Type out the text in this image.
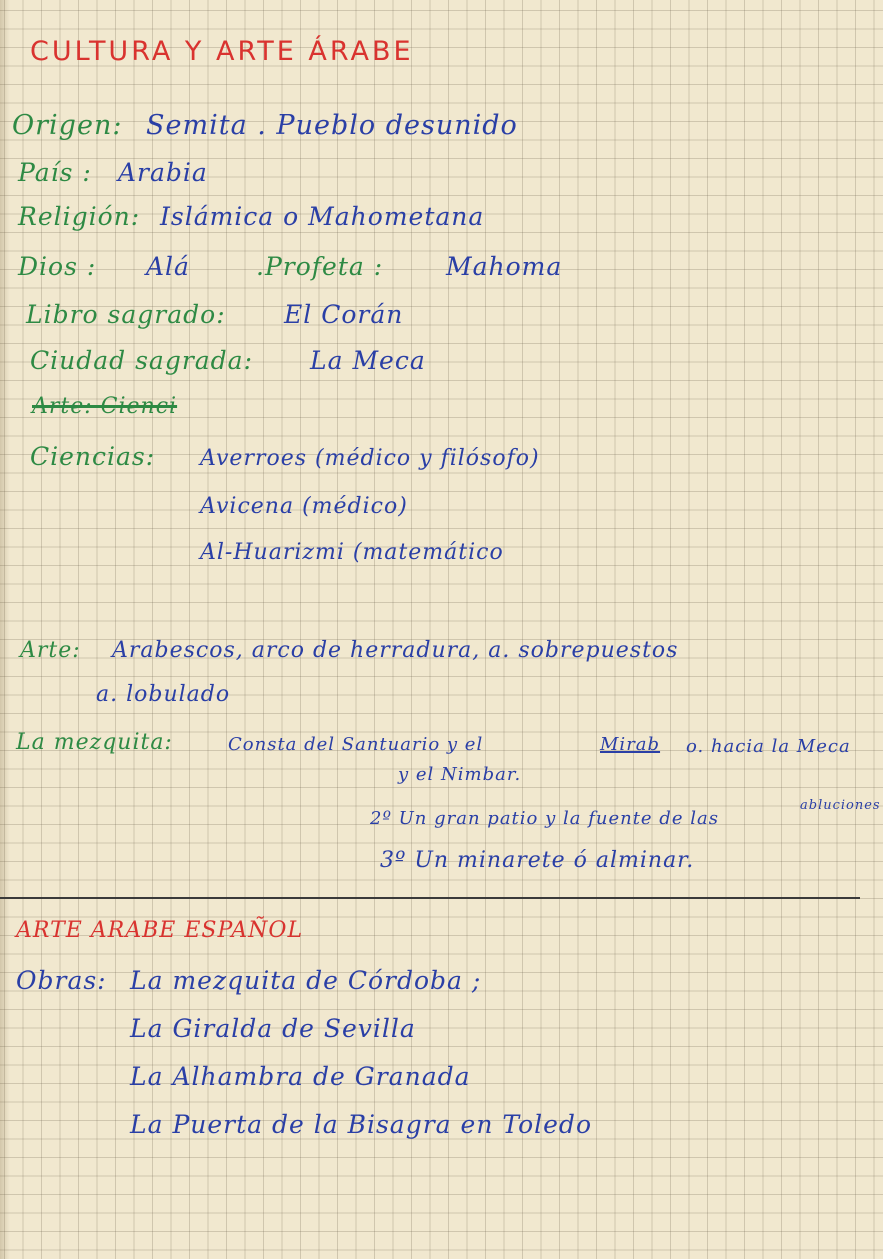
CULTURA Y ARTE ÁRABE
Origen: Semita . Pueblo desunido
País : Arabia
Religión: Islámica o Mahometana
Dios : Alá	.Profeta :	Mahoma
Libro sagrado: El Corán
Ciudad sagrada: La Meca
Arte: Cienci
Ciencias: Averroes (médico y filósofo)
Avicena (médico)
Al-Huarizmi (matemático
Arte: Arabescos, arco de herradura, a. sobrepuestos
a. lobulado
La mezquita:	Consta del Santuario y el	Mirab o. hacia la Meca
y el Nimbar.
2º Un gran patio y la fuente de las
abluciones
3º Un minarete ó alminar.
ARTE ARABE ESPAÑOL
Obras: La mezquita de Córdoba ;
La Giralda de Sevilla
La Alhambra de Granada
La Puerta de la Bisagra en Toledo
